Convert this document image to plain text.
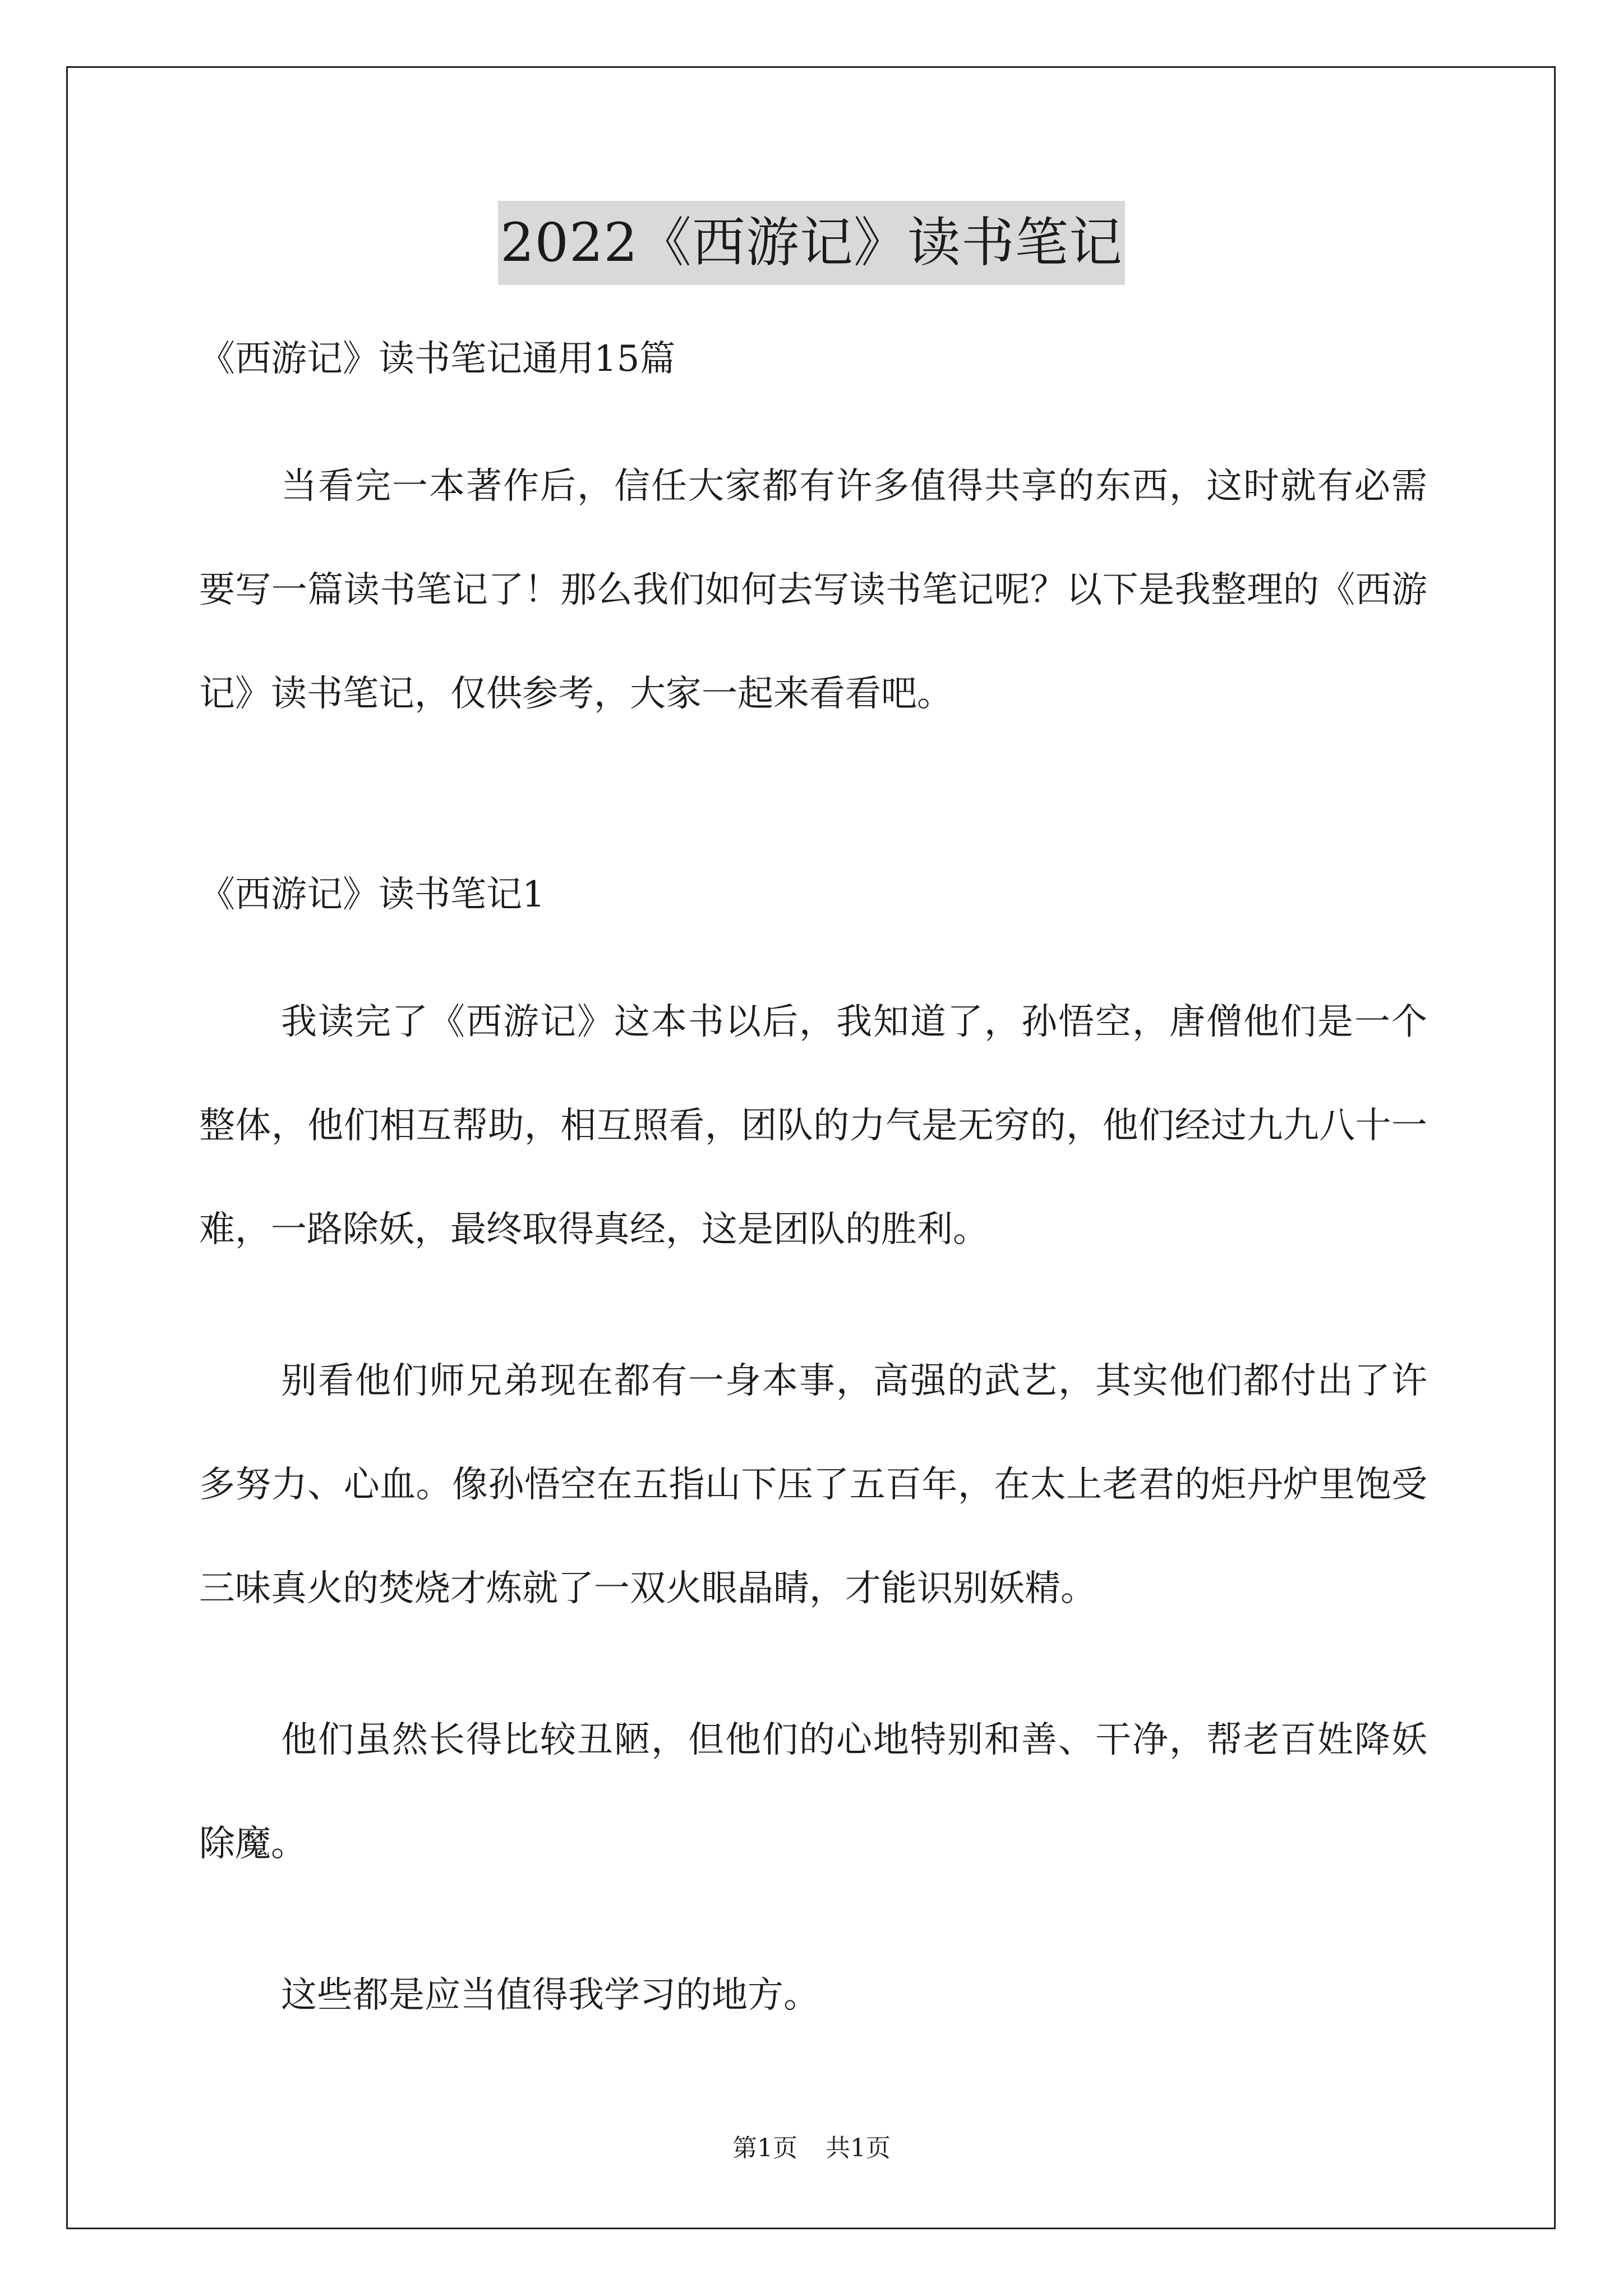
2022《西游记》读书笔记

《西游记》读书笔记通用15篇

当看完一本著作后，信任大家都有许多值得共享的东西，这时就有必需要写一篇读书笔记了！那么我们如何去写读书笔记呢？以下是我整理的《西游记》读书笔记，仅供参考，大家一起来看看吧。

《西游记》读书笔记1

我读完了《西游记》这本书以后，我知道了，孙悟空，唐僧他们是一个整体，他们相互帮助，相互照看，团队的力气是无穷的，他们经过九九八十一难，一路除妖，最终取得真经，这是团队的胜利。

别看他们师兄弟现在都有一身本事，高强的武艺，其实他们都付出了许多努力、心血。像孙悟空在五指山下压了五百年，在太上老君的炬丹炉里饱受三味真火的焚烧才炼就了一双火眼晶睛，才能识别妖精。

他们虽然长得比较丑陋，但他们的心地特别和善、干净，帮老百姓降妖除魔。

这些都是应当值得我学习的地方。

第1页 共1页
